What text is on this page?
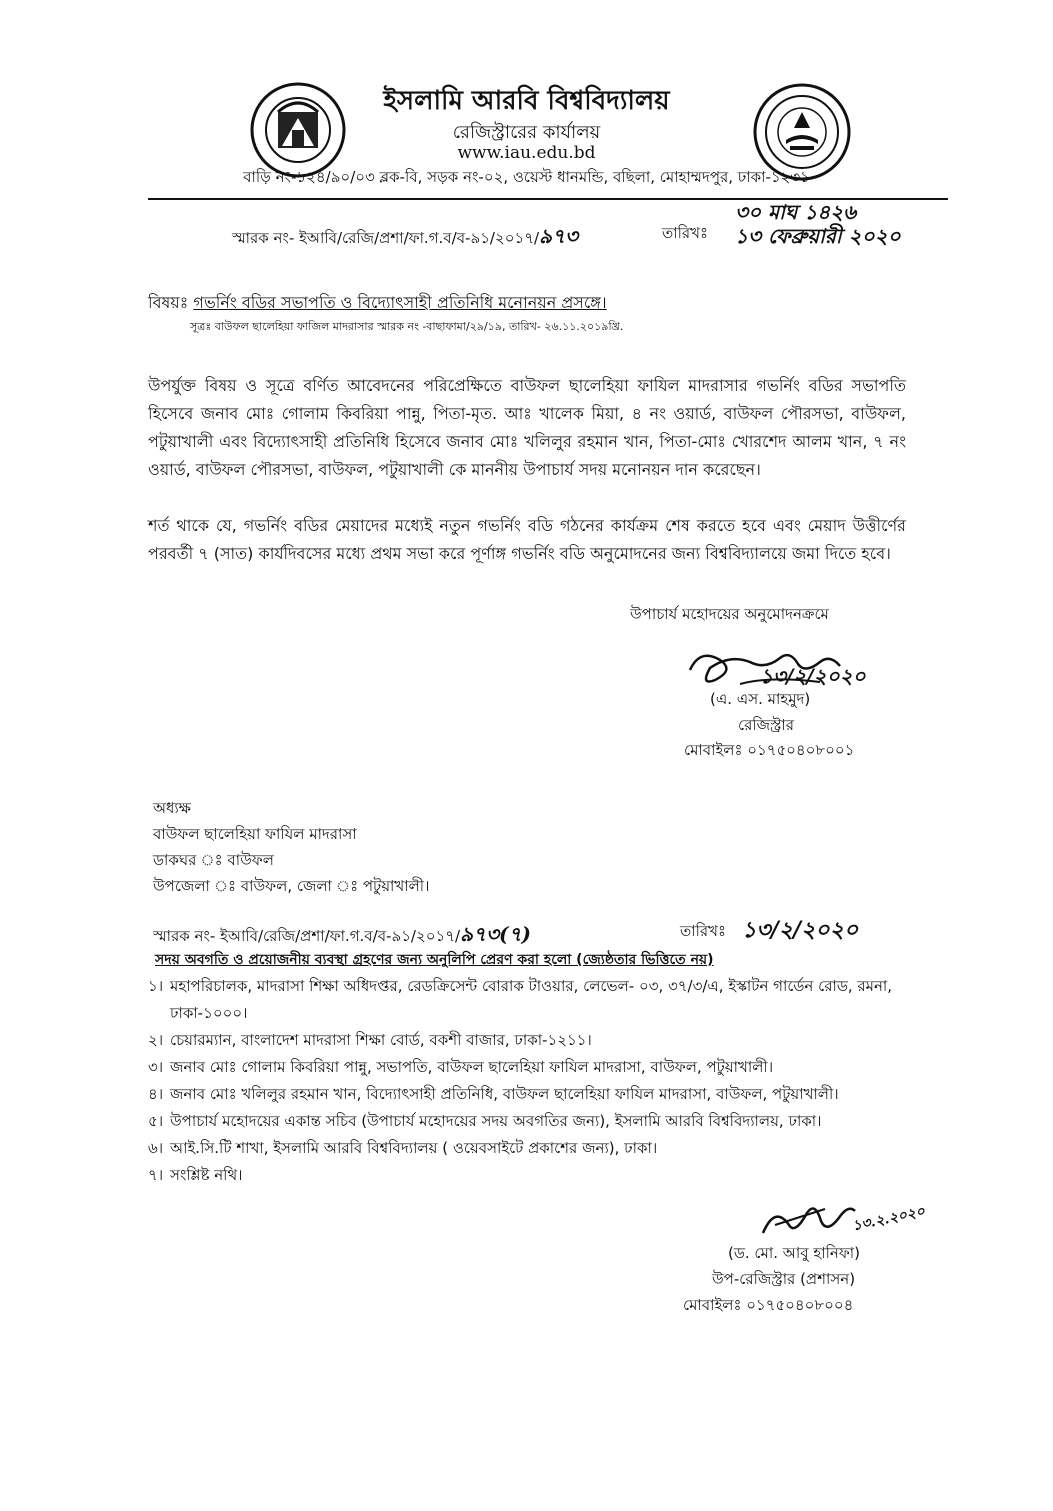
ইসলামি আরবি বিশ্ববিদ্যালয়
রেজিস্ট্রারের কার্যালয়
www.iau.edu.bd
বাড়ি নং-১২৪/৯০/০৩ ব্লক-বি, সড়ক নং-০২, ওয়েস্ট ধানমন্ডি, বছিলা, মোহাম্মদপুর, ঢাকা-১২৩১
স্মারক নং- ইআবি/রেজি/প্রশা/ফা.গ.ব/ব-৯১/২০১৭/৯৭৩	তারিখঃ
৩০ মাঘ ১৪২৬
১৩ ফেব্রুয়ারী ২০২০
বিষয়ঃ গভর্নিং বডির সভাপতি ও বিদ্যোৎসাহী প্রতিনিধি মনোনয়ন প্রসঙ্গে।
সূত্রঃ বাউফল ছালেহিয়া ফাজিল মাদরাসার স্মারক নং -বাছাফামা/২৯/১৯, তারিখ- ২৬.১১.২০১৯খ্রি.
উপর্যুক্ত বিষয় ও সূত্রে বর্ণিত আবেদনের পরিপ্রেক্ষিতে বাউফল ছালেহিয়া ফাযিল মাদরাসার গভর্নিং বডির সভাপতি হিসেবে জনাব মোঃ গোলাম কিবরিয়া পান্নু, পিতা-মৃত. আঃ খালেক মিয়া, ৪ নং ওয়ার্ড, বাউফল পৌরসভা, বাউফল, পটুয়াখালী এবং বিদ্যোৎসাহী প্রতিনিধি হিসেবে জনাব মোঃ খলিলুর রহমান খান, পিতা-মোঃ খোরশেদ আলম খান, ৭ নং ওয়ার্ড, বাউফল পৌরসভা, বাউফল, পটুয়াখালী কে মাননীয় উপাচার্য সদয় মনোনয়ন দান করেছেন।
শর্ত থাকে যে, গভর্নিং বডির মেয়াদের মধ্যেই নতুন গভর্নিং বডি গঠনের কার্যক্রম শেষ করতে হবে এবং মেয়াদ উত্তীর্ণের পরবর্তী ৭ (সাত) কার্যদিবসের মধ্যে প্রথম সভা করে পূর্ণাঙ্গ গভর্নিং বডি অনুমোদনের জন্য বিশ্ববিদ্যালয়ে জমা দিতে হবে।
উপাচার্য মহোদয়ের অনুমোদনক্রমে
১৩/২/২০২০
(এ. এস. মাহমুদ)
রেজিস্ট্রার
মোবাইলঃ ০১৭৫০৪০৮০০১
অধ্যক্ষ
বাউফল ছালেহিয়া ফাযিল মাদরাসা
ডাকঘর ঃ বাউফল
উপজেলা ঃ বাউফল, জেলা ঃ পটুয়াখালী।
স্মারক নং- ইআবি/রেজি/প্রশা/ফা.গ.ব/ব-৯১/২০১৭/৯৭৩(৭)	তারিখঃ ১৩/২/২০২০
সদয় অবগতি ও প্রয়োজনীয় ব্যবস্থা গ্রহণের জন্য অনুলিপি প্রেরণ করা হলো (জ্যেষ্ঠতার ভিত্তিতে নয়)
১। মহাপরিচালক, মাদরাসা শিক্ষা অধিদপ্তর, রেডক্রিসেন্ট বোরাক টাওয়ার, লেভেল- ০৩, ৩৭/৩/এ, ইস্কাটন গার্ডেন রোড, রমনা, ঢাকা-১০০০।
২। চেয়ারম্যান, বাংলাদেশ মাদরাসা শিক্ষা বোর্ড, বকশী বাজার, ঢাকা-১২১১।
৩। জনাব মোঃ গোলাম কিবরিয়া পান্নু, সভাপতি, বাউফল ছালেহিয়া ফাযিল মাদরাসা, বাউফল, পটুয়াখালী।
৪। জনাব মোঃ খলিলুর রহমান খান, বিদ্যোৎসাহী প্রতিনিধি, বাউফল ছালেহিয়া ফাযিল মাদরাসা, বাউফল, পটুয়াখালী।
৫। উপাচার্য মহোদয়ের একান্ত সচিব (উপাচার্য মহোদয়ের সদয় অবগতির জন্য), ইসলামি আরবি বিশ্ববিদ্যালয়, ঢাকা।
৬। আই.সি.টি শাখা, ইসলামি আরবি বিশ্ববিদ্যালয় ( ওয়েবসাইটে প্রকাশের জন্য), ঢাকা।
৭। সংশ্লিষ্ট নথি।
১৩.২.২০২০
(ড. মো. আবু হানিফা)
উপ-রেজিস্ট্রার (প্রশাসন)
মোবাইলঃ ০১৭৫০৪০৮০০৪
